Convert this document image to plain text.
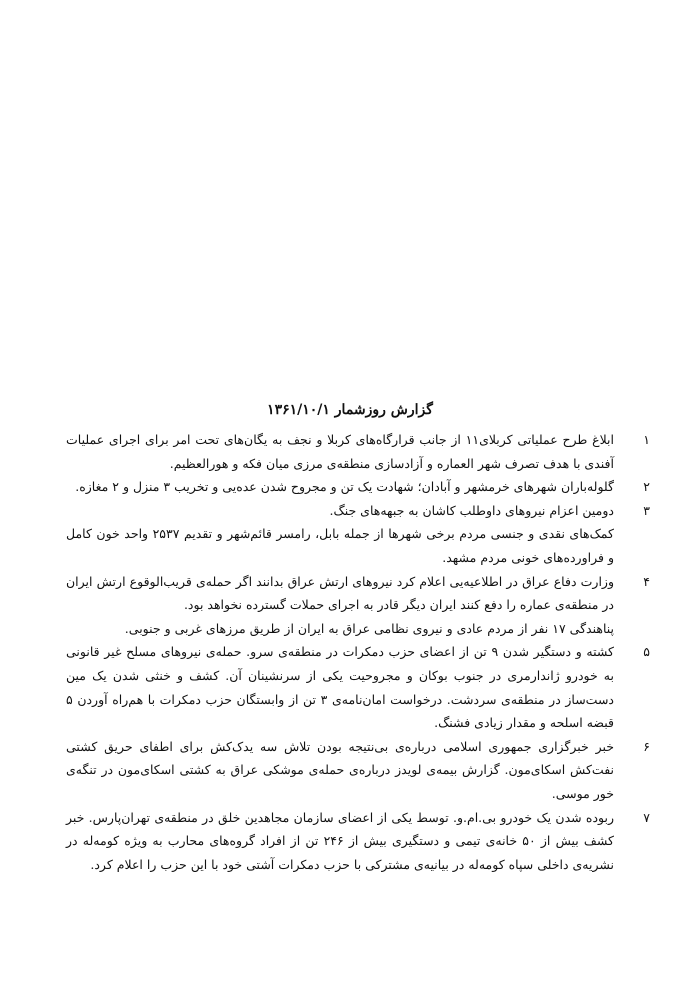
گزارش روزشمار ۱۳۶۱/۱۰/۱
۱

ابلاغ طرح عملیاتی کربلای۱۱ از جانب قرارگاه‌های کربلا و نجف به یگان‌های تحت امر برای اجرای عملیات آفندی با هدف تصرف شهر العماره و آزادسازی منطقه‌ی مرزی میان فکه و هورالعظیم.

۲

گلوله‌باران شهرهای خرمشهر و آبادان؛ شهادت یک تن و مجروح شدن عده‌یی و تخریب ۳ منزل و ۲ مغازه.

۳

دومین اعزام نیروهای داوطلب کاشان به جبهه‌های جنگ.

کمک‌های نقدی و جنسی مردم برخی شهرها از جمله بابل، رامسر قائم‌شهر و تقدیم ۲۵۳۷ واحد خون کامل و فراورده‌های خونی مردم مشهد.

۴

وزارت دفاع عراق در اطلاعیه‌یی اعلام کرد نیروهای ارتش عراق بدانند اگر حمله‌ی قریب‌الوقوع ارتش ایران در منطقه‌ی عماره را دفع کنند ایران دیگر قادر به اجرای حملات گسترده نخواهد بود.

پناهندگی ۱۷ نفر از مردم عادی و نیروی نظامی عراق به ایران از طریق مرزهای غربی و جنوبی.

۵

کشته و دستگیر شدن ۹ تن از اعضای حزب دمکرات در منطقه‌ی سرو. حمله‌ی نیروهای مسلح غیر قانونی به خودرو ژاندارمری در جنوب بوکان و مجروحیت یکی از سرنشینان آن. کشف و خنثی شدن یک مین دست‌ساز در منطقه‌ی سردشت. درخواست امان‌نامه‌ی ۳ تن از وابستگان حزب دمکرات با هم‌راه آوردن ۵ قبضه اسلحه و مقدار زیادی فشنگ.

۶

خبر خبرگزاری جمهوری اسلامی درباره‌ی بی‌نتیجه بودن تلاش سه یدک‌کش برای اطفای حریق کشتی نفت‌کش اسکای‌مون. گزارش بیمه‌ی لویدز درباره‌ی حمله‌ی موشکی عراق به کشتی اسکای‌مون در تنگه‌ی خور موسی.

۷

ربوده شدن یک خودرو بی.ام.و. توسط یکی از اعضای سازمان مجاهدین خلق در منطقه‌ی تهران‌پارس. خبر کشف بیش از ۵۰ خانه‌ی تیمی و دستگیری بیش از ۲۴۶ تن از افراد گروه‌های محارب به ویژه کومه‌له در نشریه‌ی داخلی سپاه کومه‌له در بیانیه‌ی مشترکی با حزب دمکرات آشتی خود با این حزب را اعلام کرد.
